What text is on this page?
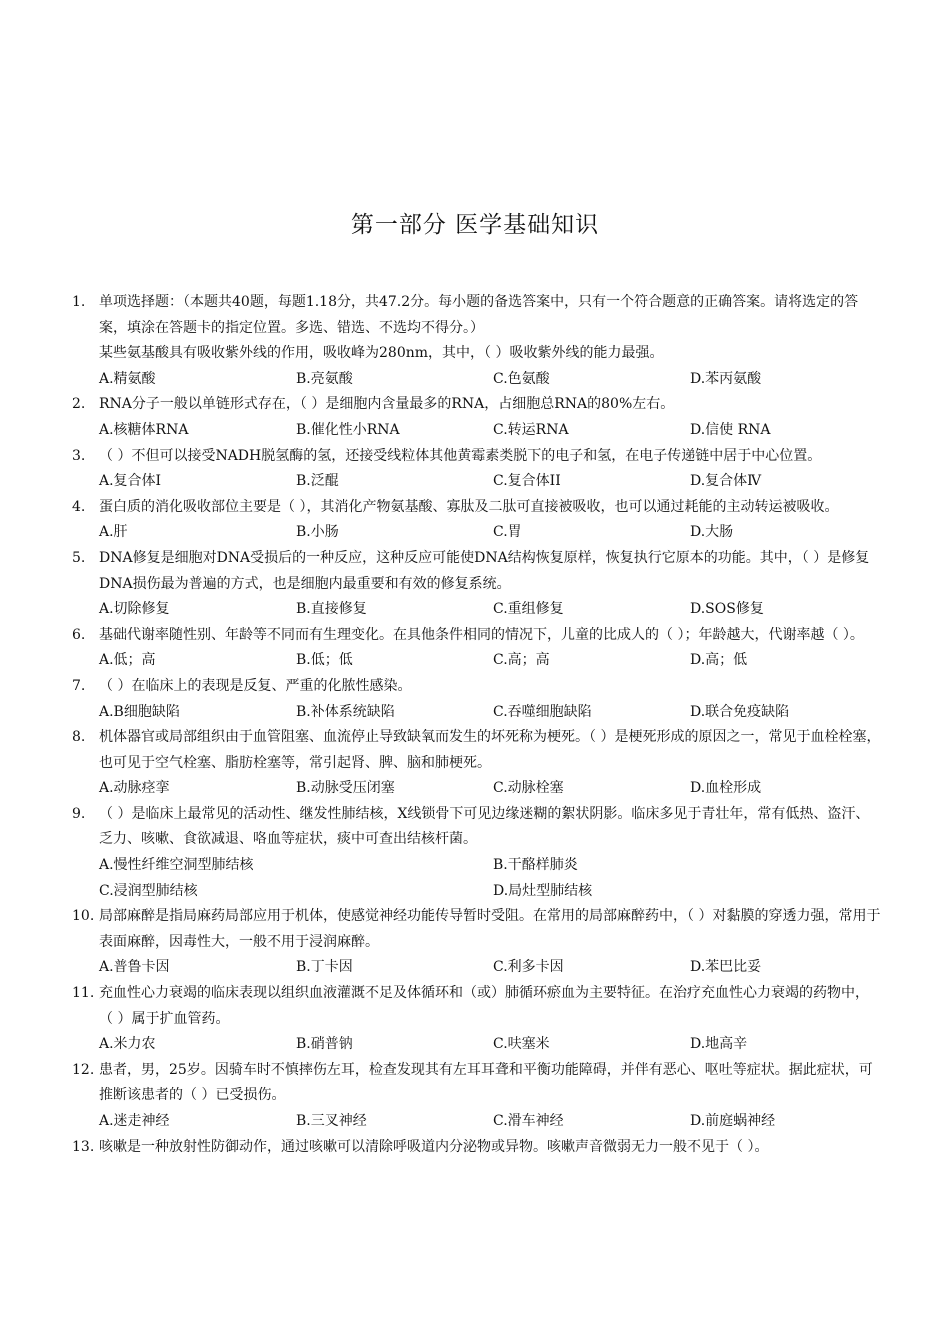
第一部分 医学基础知识
1. 单项选择题：（本题共40题，每题1.18分，共47.2分。每小题的备选答案中，只有一个符合题意的正确答案。请将选定的答案，填涂在答题卡的指定位置。多选、错选、不选均不得分。）
某些氨基酸具有吸收紫外线的作用，吸收峰为280nm，其中，（ ）吸收紫外线的能力最强。
A.精氨酸	B.亮氨酸	C.色氨酸	D.苯丙氨酸
2. RNA分子一般以单链形式存在，（ ）是细胞内含量最多的RNA，占细胞总RNA的80%左右。
A.核糖体RNA	B.催化性小RNA	C.转运RNA	D.信使 RNA
3. （ ）不但可以接受NADH脱氢酶的氢，还接受线粒体其他黄霉素类脱下的电子和氢，在电子传递链中居于中心位置。
A.复合体I	B.泛醌	C.复合体II	D.复合体Ⅳ
4. 蛋白质的消化吸收部位主要是（ ），其消化产物氨基酸、寡肽及二肽可直接被吸收，也可以通过耗能的主动转运被吸收。
A.肝	B.小肠	C.胃	D.大肠
5. DNA修复是细胞对DNA受损后的一种反应，这种反应可能使DNA结构恢复原样，恢复执行它原本的功能。其中，（ ）是修复DNA损伤最为普遍的方式，也是细胞内最重要和有效的修复系统。
A.切除修复	B.直接修复	C.重组修复	D.SOS修复
6. 基础代谢率随性别、年龄等不同而有生理变化。在具他条件相同的情况下，儿童的比成人的（ ）；年龄越大，代谢率越（ ）。
A.低；高	B.低；低	C.高；高	D.高；低
7. （ ）在临床上的表现是反复、严重的化脓性感染。
A.B细胞缺陷	B.补体系统缺陷	C.吞噬细胞缺陷	D.联合免疫缺陷
8. 机体器官或局部组织由于血管阻塞、血流停止导致缺氧而发生的坏死称为梗死。（ ）是梗死形成的原因之一，常见于血栓栓塞，也可见于空气栓塞、脂肪栓塞等，常引起肾、脾、脑和肺梗死。
A.动脉痉挛	B.动脉受压闭塞	C.动脉栓塞	D.血栓形成
9. （ ）是临床上最常见的活动性、继发性肺结核，X线锁骨下可见边缘迷糊的絮状阴影。临床多见于青壮年，常有低热、盗汗、乏力、咳嗽、食欲减退、咯血等症状，痰中可查出结核杆菌。
A.慢性纤维空洞型肺结核	B.干酪样肺炎
C.浸润型肺结核	D.局灶型肺结核
10. 局部麻醉是指局麻药局部应用于机体，使感觉神经功能传导暂时受阻。在常用的局部麻醉药中，（ ）对黏膜的穿透力强，常用于表面麻醉，因毒性大，一般不用于浸润麻醉。
A.普鲁卡因	B.丁卡因	C.利多卡因	D.苯巴比妥
11. 充血性心力衰竭的临床表现以组织血液灌溉不足及体循环和（或）肺循环瘀血为主要特征。在治疗充血性心力衰竭的药物中， （ ）属于扩血管药。
A.米力农	B.硝普钠	C.呋塞米	D.地高辛
12. 患者，男，25岁。因骑车时不慎摔伤左耳，检查发现其有左耳耳聋和平衡功能障碍，并伴有恶心、呕吐等症状。据此症状，可推断该患者的（ ）已受损伤。
A.迷走神经	B.三叉神经	C.滑车神经	D.前庭蜗神经
13. 咳嗽是一种放射性防御动作，通过咳嗽可以清除呼吸道内分泌物或异物。咳嗽声音微弱无力一般不见于（ ）。
